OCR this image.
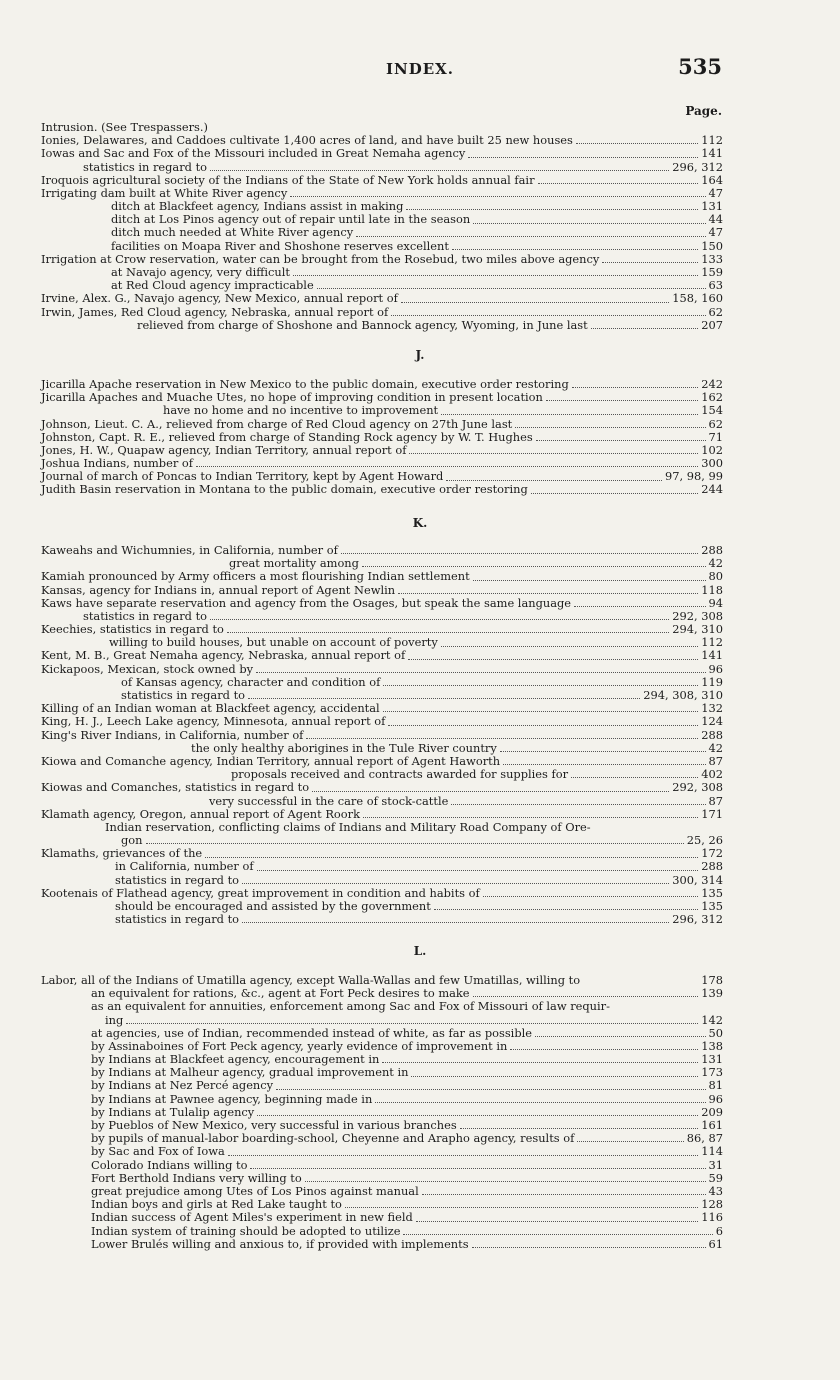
INDEX.	535
Page.
Intrusion. (See Trespassers.)
Ionies, Delawares, and Caddoes cultivate 1,400 acres of land, and have built 25 new houses	112
Iowas and Sac and Fox of the Missouri included in Great Nemaha agency	141
statistics in regard to	296, 312
Iroquois agricultural society of the Indians of the State of New York holds annual fair	164
Irrigating dam built at White River agency	47
ditch at Blackfeet agency, Indians assist in making	131
ditch at Los Pinos agency out of repair until late in the season	44
ditch much needed at White River agency	47
facilities on Moapa River and Shoshone reserves excellent	150
Irrigation at Crow reservation, water can be brought from the Rosebud, two miles above agency	133
at Navajo agency, very difficult	159
at Red Cloud agency impracticable	63
Irvine, Alex. G., Navajo agency, New Mexico, annual report of	158, 160
Irwin, James, Red Cloud agency, Nebraska, annual report of	62
relieved from charge of Shoshone and Bannock agency, Wyoming, in June last	207
Jicarilla Apache reservation in New Mexico to the public domain, executive order restoring	242
Jicarilla Apaches and Muache Utes, no hope of improving condition in present location	162
have no home and no incentive to improvement	154
Johnson, Lieut. C. A., relieved from charge of Red Cloud agency on 27th June last	62
Johnston, Capt. R. E., relieved from charge of Standing Rock agency by W. T. Hughes	71
Jones, H. W., Quapaw agency, Indian Territory, annual report of	102
Joshua Indians, number of	300
Journal of march of Poncas to Indian Territory, kept by Agent Howard	97, 98, 99
Judith Basin reservation in Montana to the public domain, executive order restoring	244
Kaweahs and Wichumnies, in California, number of	288
great mortality among	42
Kamiah pronounced by Army officers a most flourishing Indian settlement	80
Kansas, agency for Indians in, annual report of Agent Newlin	118
Kaws have separate reservation and agency from the Osages, but speak the same language	94
statistics in regard to	292, 308
Keechies, statistics in regard to	294, 310
willing to build houses, but unable on account of poverty	112
Kent, M. B., Great Nemaha agency, Nebraska, annual report of	141
Kickapoos, Mexican, stock owned by	96
of Kansas agency, character and condition of	119
statistics in regard to	294, 308, 310
Killing of an Indian woman at Blackfeet agency, accidental	132
King, H. J., Leech Lake agency, Minnesota, annual report of	124
King's River Indians, in California, number of	288
the only healthy aborigines in the Tule River country	42
Kiowa and Comanche agency, Indian Territory, annual report of Agent Haworth	87
proposals received and contracts awarded for supplies for	402
Kiowas and Comanches, statistics in regard to	292, 308
very successful in the care of stock-cattle	87
Klamath agency, Oregon, annual report of Agent Roork	171
Indian reservation, conflicting claims of Indians and Military Road Company of Ore-
gon	25, 26
Klamaths, grievances of the	172
in California, number of	288
statistics in regard to	300, 314
Kootenais of Flathead agency, great improvement in condition and habits of	135
should be encouraged and assisted by the government	135
statistics in regard to	296, 312
Labor, all of the Indians of Umatilla agency, except Walla-Wallas and few Umatillas, willing to	178
an equivalent for rations, &c., agent at Fort Peck desires to make	139
as an equivalent for annuities, enforcement among Sac and Fox of Missouri of law requir-
ing	142
at agencies, use of Indian, recommended instead of white, as far as possible	50
by Assinaboines of Fort Peck agency, yearly evidence of improvement in	138
by Indians at Blackfeet agency, encouragement in	131
by Indians at Malheur agency, gradual improvement in	173
by Indians at Nez Percé agency	81
by Indians at Pawnee agency, beginning made in	96
by Indians at Tulalip agency	209
by Pueblos of New Mexico, very successful in various branches	161
by pupils of manual-labor boarding-school, Cheyenne and Arapho agency, results of	86, 87
by Sac and Fox of Iowa	114
Colorado Indians willing to	31
Fort Berthold Indians very willing to	59
great prejudice among Utes of Los Pinos against manual	43
Indian boys and girls at Red Lake taught to	128
Indian success of Agent Miles's experiment in new field	116
Indian system of training should be adopted to utilize	6
Lower Brulés willing and anxious to, if provided with implements	61
J.
K.
L.
